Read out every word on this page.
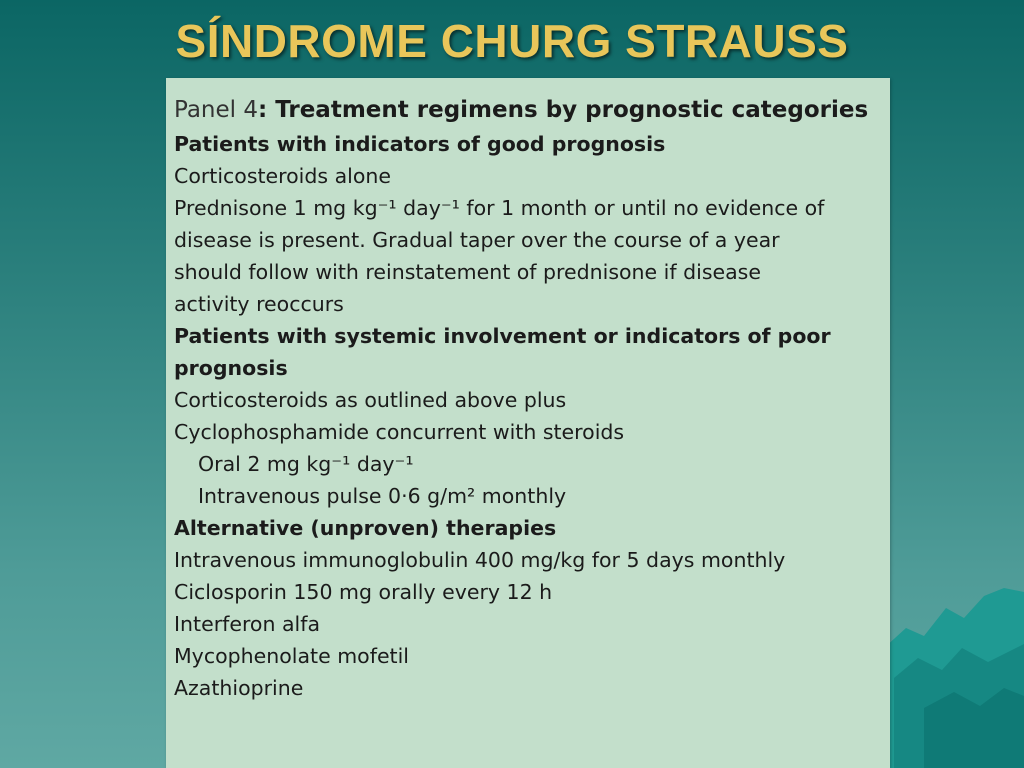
SÍNDROME CHURG STRAUSS
Panel 4: Treatment regimens by prognostic categories
Patients with indicators of good prognosis
Corticosteroids alone
Prednisone 1 mg kg⁻¹ day⁻¹ for 1 month or until no evidence of
disease is present. Gradual taper over the course of a year
should follow with reinstatement of prednisone if disease
activity reoccurs
Patients with systemic involvement or indicators of poor
prognosis
Corticosteroids as outlined above plus
Cyclophosphamide concurrent with steroids
Oral 2 mg kg⁻¹ day⁻¹
Intravenous pulse 0·6 g/m² monthly
Alternative (unproven) therapies
Intravenous immunoglobulin 400 mg/kg for 5 days monthly
Ciclosporin 150 mg orally every 12 h
Interferon alfa
Mycophenolate mofetil
Azathioprine
